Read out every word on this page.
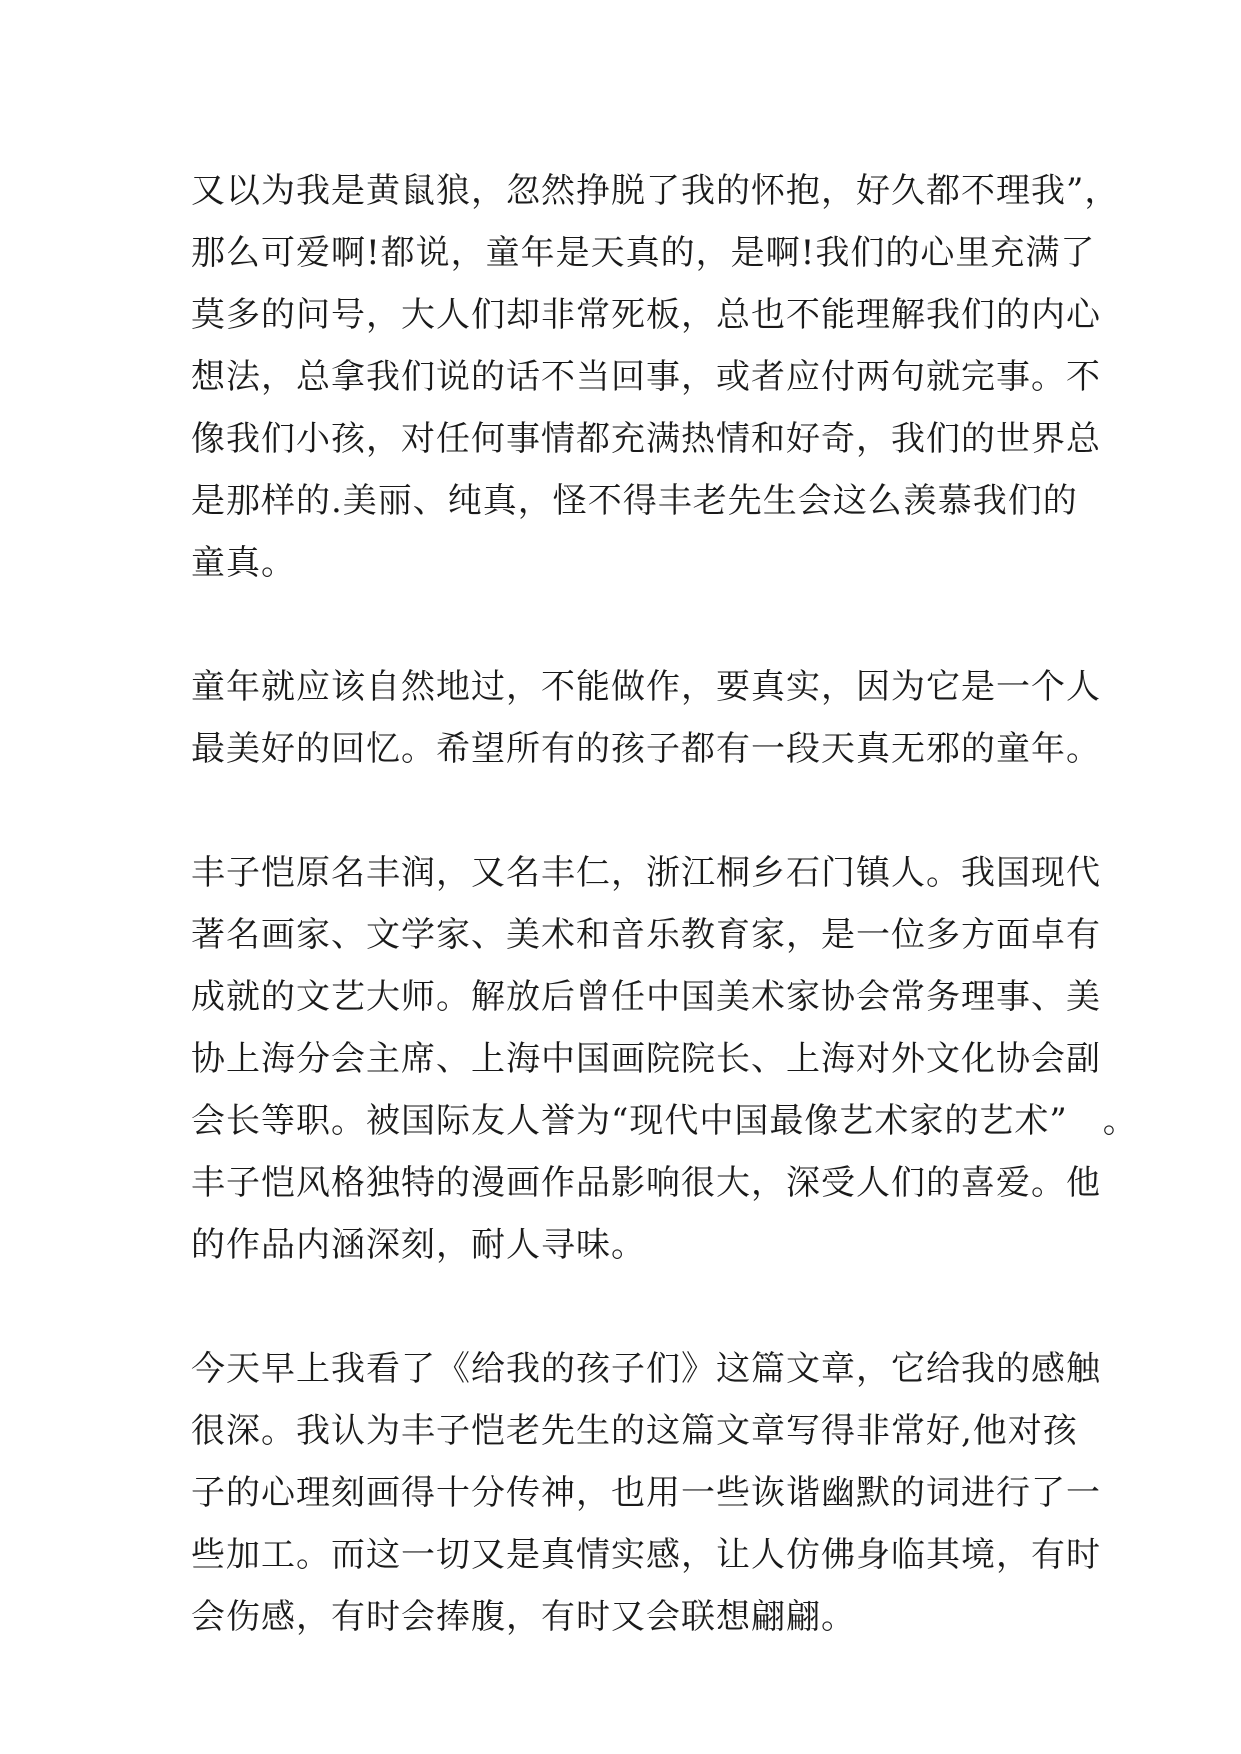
又以为我是黄鼠狼，忽然挣脱了我的怀抱，好久都不理我”，
那么可爱啊!都说，童年是天真的，是啊!我们的心里充满了
莫多的问号，大人们却非常死板，总也不能理解我们的内心
想法，总拿我们说的话不当回事，或者应付两句就完事。不
像我们小孩，对任何事情都充满热情和好奇，我们的世界总
是那样的.美丽、纯真，怪不得丰老先生会这么羡慕我们的
童真。

童年就应该自然地过，不能做作，要真实，因为它是一个人
最美好的回忆。希望所有的孩子都有一段天真无邪的童年。

丰子恺原名丰润，又名丰仁，浙江桐乡石门镇人。我国现代
著名画家、文学家、美术和音乐教育家，是一位多方面卓有
成就的文艺大师。解放后曾任中国美术家协会常务理事、美
协上海分会主席、上海中国画院院长、上海对外文化协会副
会长等职。被国际友人誉为“现代中国最像艺术家的艺术”　。
丰子恺风格独特的漫画作品影响很大，深受人们的喜爱。他
的作品内涵深刻，耐人寻味。

今天早上我看了《给我的孩子们》这篇文章，它给我的感触
很深。我认为丰子恺老先生的这篇文章写得非常好,他对孩
子的心理刻画得十分传神，也用一些诙谐幽默的词进行了一
些加工。而这一切又是真情实感，让人仿佛身临其境，有时
会伤感，有时会捧腹，有时又会联想翩翩。
